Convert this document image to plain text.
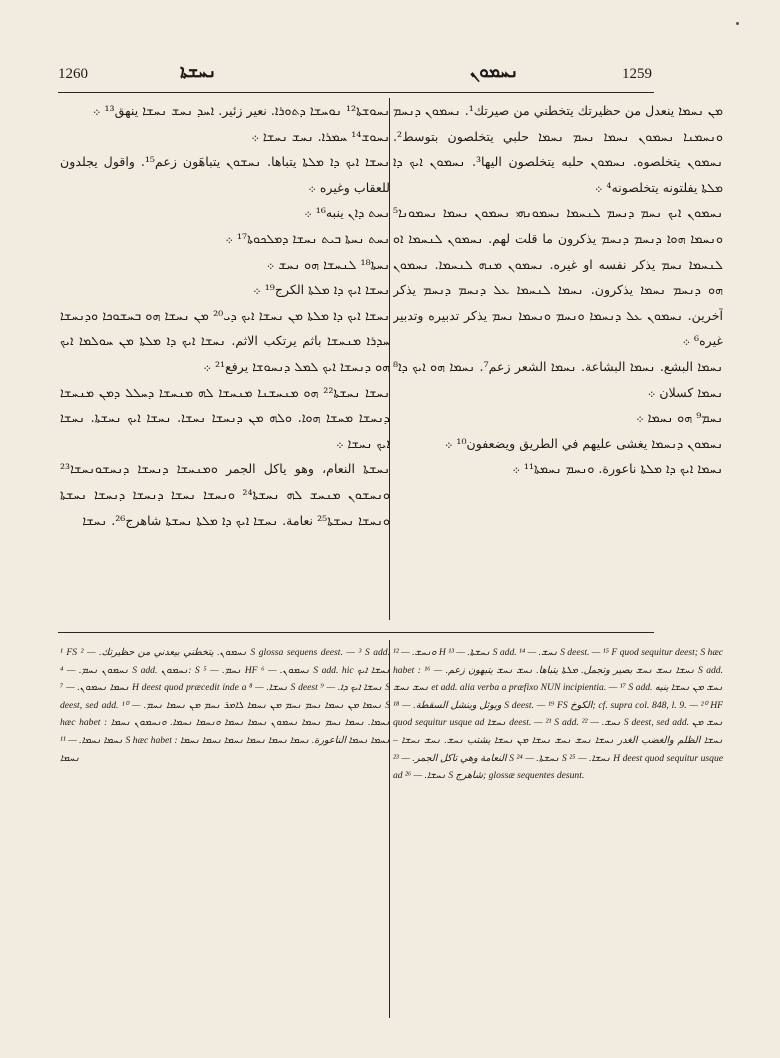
1260	ܢܚܫܬܐ	ܢܚܡܘܢ	1259

ܢܚܘܫܬܐ¹² ܢܘܚܫܐ ܕܬܘܪܐ. نعير زئير. ܐܚܕ ܢܚܫ ܢܚܫܐ ينهق¹³ ܀

ܢܚܘܫ¹⁴ ܚܡܪܐ. ܢܚܫ ܢܚܫܐ ܀

ܢܚܫܐ ܐܝܟ ܕܐ ܡܠܬܐ يتباها. ܢܚܫܘܢ يتباهَون زعم¹⁵. واقول يجلدون للعقاب وغيره ܀

ܢܚܬ ܕܐܢ ينبه¹⁶ ܀

ܢܚܬ ܢܚܬܐ ܒܝܬ ܢܚܫܐ ܕܡܠܟܘܬܐ¹⁷ ܀

ܢܚܬܐ¹⁸ ܠܢܚܫܐ ܗܘ ܢܚܫ ܀

ܢܚܫܐ ܐܝܟ ܕܐ ܡܠܬܐ الكرج¹⁹ ܀

ܢܚܫܐ ܐܝܟ ܕܐ ܡܠܬܐ ܡܢ ܢܚܫܐ ܐܝܟ ܕܝ²⁰ ܡܢ ܢܚܫܐ ܗܘ ܒܚܫܘܟܐ ܘܕܢܚܫܐ ܚܕܪܐ ܡܢܚܫܐ باثم يرتكب الاثم. ܢܚܫܐ ܐܝܟ ܕܐ ܡܠܬܐ ܡܢ ܚܘܠܡܐ ܐܝܟ ܗܘ ܕܢܚܫܐ ܐܝܟ ܠܡܠ ܕܢܚܘܫܐ يرفع²¹ ܀

ܢܚܫܐ ܢܚܫܬܐ²² ܗܘ ܡܢܚܫܢܐ ܡܢܚܫܐ ܠܗ ܡܢܚܫܐ ܕܚܠܠ ܕܡܢ ܡܢܚܫܐ ܕܢܚܫܐ ܡܚܫܐ ܗܘܐ. ܘܠܗ ܡܢ ܕܢܚܫܐ ܢܚܫܐ. ܢܚܫܐ ܐܝܟ ܢܚܫܬܐ. ܢܚܫܐ ܐܝܟ ܢܚܫܐ ܀

ܢܚܫܬܐ النعام، وهو ياكل الجمر ܘܡܢܚܫܐ ܕܢܚܫܐ ܕܢܚܫܘܢܚܫܐ²³ ܘܢܚܫܘܢ ܡܢܚܫ ܠܗ ܢܚܫܬܐ²⁴ ܘܢܚܫܐ ܢܚܫܐ ܕܢܚܫܐ ܕܢܚܫܐ ܢܚܫܬܐ ܘܢܚܫܐ ܢܚܫܬܐ²⁵ نعامة. ܢܚܫܐ ܐܝܟ ܕܐ ܡܠܬܐ ܢܚܫܬܐ شاهرج²⁶. ܢܚܫܐ

ܡܢ ܢܚܡܐ ينعدل من حظيرتك يتخطني من صيرتك¹. ܢܚܡܘܢ ܕܢܚܡ ܘܢܚܡܢܐ ܢܚܡܘܢ ܢܚܡܐ ܢܚܡ ܢܚܡܐ حلبي يتخلصون بتوسط². ܢܚܡܘܢ يتخلصوه. ܢܚܡܘܢ حلبه يتخلصون اليها³. ܢܚܡܘܢ ܐܝܟ ܕܐ ܡܠܬܐ يفلتونه يتخلصونه⁴ ܀

ܢܚܡܘܢ ܐܝܟ ܢܚܡ ܕܢܚܡ ܠܢܚܡܐ ܢܚܡܘܢܗܝ ܢܚܡܘܢ ܢܚܡܐ ܢܚܡܘܢܐ⁵ ܘܢܚܡܐ ܗܘܐ ܕܢܚܡ ܕܢܚܡ يذكرون ما قلت لهم. ܢܚܡܘܢ ܠܢܚܡܐ ܐܘ ܠܢܚܡܐ ܢܚܡ يذكر نفسه او غيره. ܢܚܡܘܢ ܡܢܗ ܠܢܚܡܐ. ܢܚܡܘܢ ܗܘ ܕܢܚܡ ܢܚܡܐ يذكرون. ܢܚܡܐ ܠܢܚܡܐ ܥܠ ܕܢܚܡ ܕܢܚܡ يذكر آخرين. ܢܚܡܘܢ ܥܠ ܕܢܚܡܐ ܘܢܚܡ ܘܢܚܡܐ ܢܚܡ يذكر تدبيره وتدبير غيره⁶ ܀

ܢܚܡܐ البشع. ܢܚܡܐ البشاعة. ܢܚܡܐ الشعر زعم⁷. ܢܚܡܐ ܗܘ ܐܝܟ ܕܐ⁸ ܢܚܡܐ كسلان ܀

ܢܚܡ⁹ ܗܘ ܢܚܡܐ ܀

ܢܚܡܘܢ ܕܢܚܡܐ يغشى عليهم في الطريق ويضعفون¹⁰ ܀

ܢܚܡܐ ܐܝܟ ܕܐ ܡܠܬܐ ناعورة. ܘܢܚܡ ܢܚܡܬܐ¹¹ ܀

¹ FS ܢܚܡܘܢ. يتخطني بيعدني من حظيرتك. — ² S glossa sequens deest. — ³ S add. ܢܚܡܘܢ ܢܚܡ. — ⁴ S add. ܢܚܡܘܢ: S ܢܚܡ. — ⁵ HF ܢܚܡܘܢ. — ⁶ S add. hic ܢܚܫܐ ܐܝܟ ܢܚܡܐ ܢܚܡܘܢ. — ⁷ H deest quod præcedit inde a ܢܚܫܐ. — ⁸ S deest ܢܚܫܐ ܐܝܟ ܕܐ. — ⁹ S deest, sed add. ܢܚܡܐ ܡܢ ܢܚܡܐ ܢܚܡ ܢܚܡ ܡܢ ܢܚܡܐ ܠܐܡܪ ܢܚܡ ܡܢ ܢܚܡܐ ܢܚܡ. — ¹⁰ S hæc habet : ܢܚܡܐ. ܢܚܡܐ ܢܚܡ ܢܚܡܐ ܢܚܡܘܢ ܢܚܡܐ ܢܚܡܐ ܘܢܚܡܐ ܢܚܡܐ. ܘܢܚܡܘܢ ܢܚܡܐ ܢܚܡܐ ܢܚܡܐ. — ¹¹ S hæc habet : ܢܚܡܐ ܢܚܡܐ الناعورة. ܢܚܡܐ ܢܚܡܐ ܢܚܡܐ ܢܚܡܐ ܢܚܡܐ ܢܚܡܐ ܢܚܡܐ

ܘܢܚܫ. — ¹² H ܢܚܫܬܐ. — ¹³ S add. ܢܚܫ. — ¹⁴ S deest. — ¹⁵ F quod sequitur deest; S hæc habet : ܢܚܫܐ ܢܚܫ ܢܚܫ بصير وتجمل. ܡܠܬܐ يتباها. ܢܚܫ ܢܚܫ يتبهون زعم. — ¹⁶ S add. ܢܚܫ ܢܚܫ et add. alia verba a præfixo NUN incipientia. — ¹⁷ S add. ܢܚܫ ܡܢ ܢܚܫܐ ينيه ويوثل وينشل السقطة. — ¹⁸ S deest. — ¹⁹ FS الكوخ; cf. supra col. 848, l. 9. — ²⁰ HF quod sequitur usque ad ܢܚܫܐ deest. — ²¹ S add. ܢܚܫ. — ²² S deest, sed add. ܢܚܫ ܡܢ ܢܚܫܐ الظلم والغضب الغدر ܢܚܫܐ ܢܚܫ ܢܚܫ ܢܚܫܐ ܡܢ ܢܚܫܐ يشتب ܢܚܫ. ܢܚܫ ܢܚܫܐ – النعامة وهي تاكل الجمر. — ²³ S ܢܚܫܬܐ. — ²⁴ S ܢܚܫܐ. — ²⁵ H deest quod sequitur usque ad ܢܚܫܐ. — ²⁶ S شاهرج; glossæ sequentes desunt.
